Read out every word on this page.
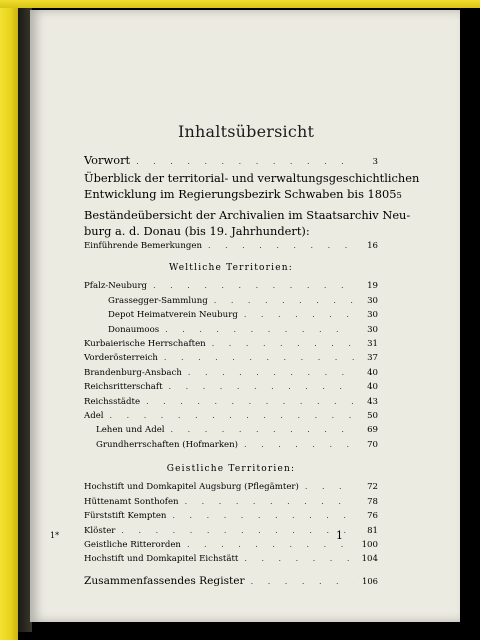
Inhaltsübersicht
Vorwort . . .	3
Überblick der territorial- und verwaltungsgeschichtlichen
Entwicklung im Regierungsbezirk Schwaben bis 1805 5
Beständeübersicht der Archivalien im Staatsarchiv Neu-
burg a. d. Donau (bis 19. Jahrhundert):
Einführende Bemerkungen . . .	16
Weltliche Territorien:
Pfalz-Neuburg . . .	19
Grassegger-Sammlung . . .	30
Depot Heimatverein Neuburg . . .	30
Donaumoos . . .	30
Kurbaierische Herrschaften . . .	31
Vorderösterreich . . .	37
Brandenburg-Ansbach . . .	40
Reichsritterschaft . . .	40
Reichsstädte . . .	43
Adel . . .	50
Lehen und Adel . . .	69
Grundherrschaften (Hofmarken) . . .	70
Geistliche Territorien:
Hochstift und Domkapitel Augsburg (Pflegämter) . . .	72
Hüttenamt Sonthofen . . .	78
Fürststift Kempten . . .	76
Klöster . . .	81
Geistliche Ritterorden . . .	100
Hochstift und Domkapitel Eichstätt . . .	104
Zusammenfassendes Register . . .	106
1*	1
